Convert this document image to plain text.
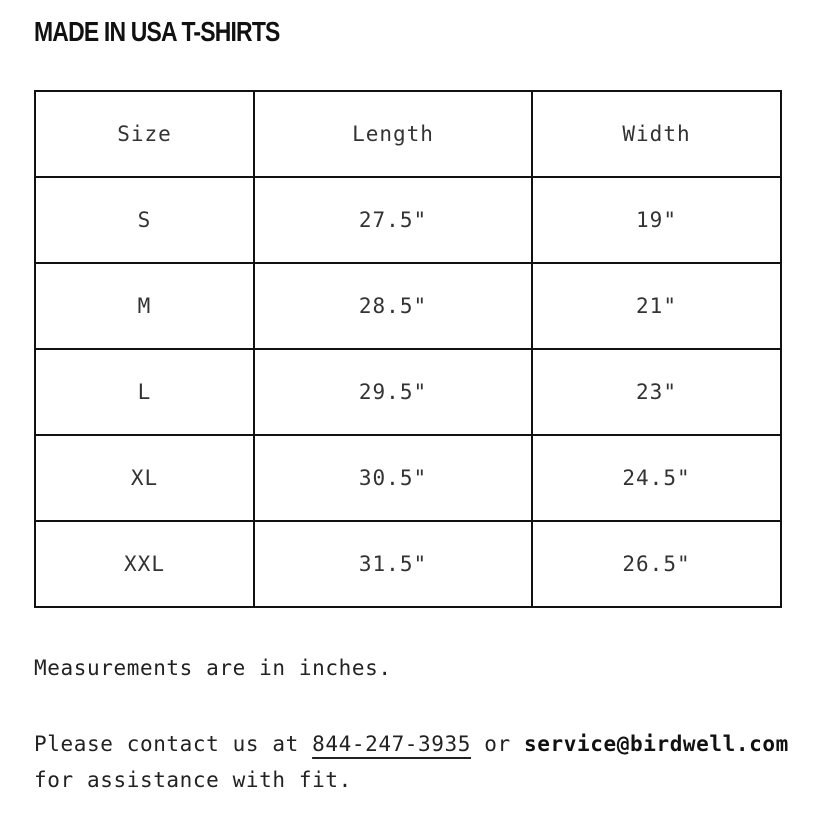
MADE IN USA T-SHIRTS
Size	Length	Width
S	27.5"	19"
M	28.5"	21"
L	29.5"	23"
XL	30.5"	24.5"
XXL	31.5"	26.5"

Measurements are in inches.

Please contact us at 844-247-3935 or service@birdwell.com for assistance with fit.
